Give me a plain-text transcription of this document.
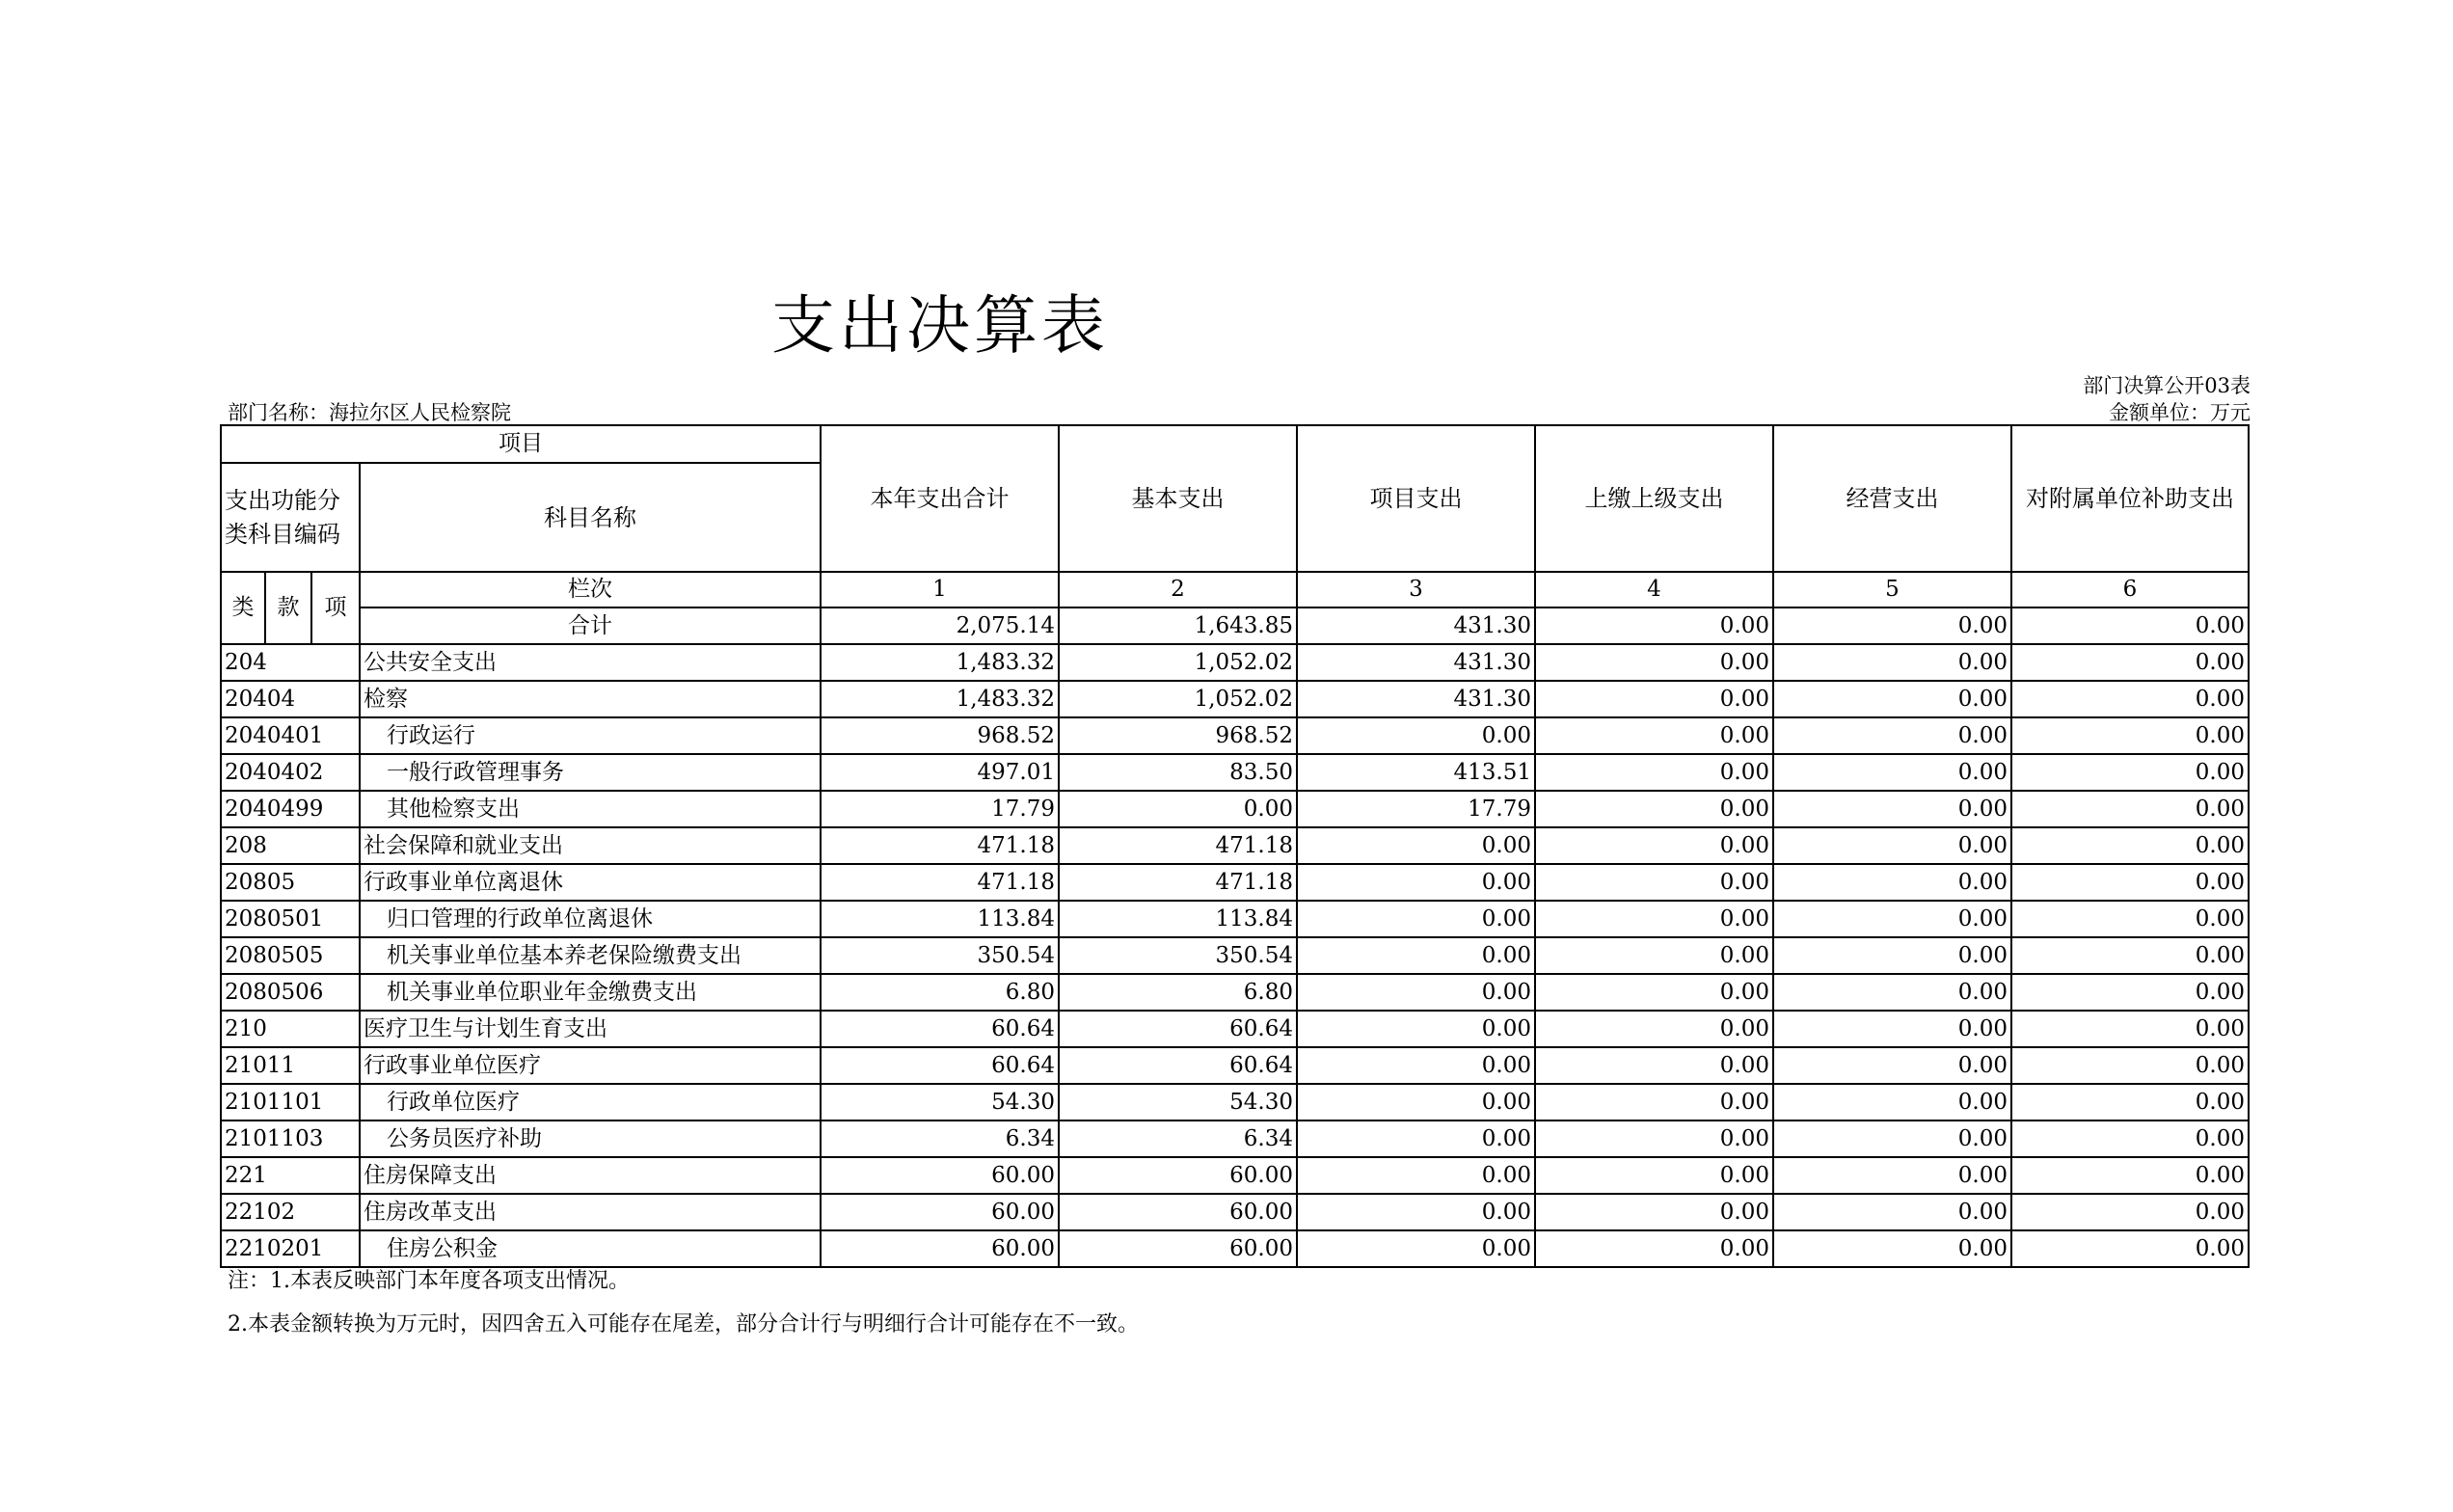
支出决算表
部门决算公开03表
部门名称：海拉尔区人民检察院	金额单位：万元
项目				本年支出合计	基本支出	项目支出	上缴上级支出	经营支出	对附属单位补助支出
支出功能分类科目编码			科目名称						
类	款	项	栏次	1	2	3	4	5	6
			合计	2,075.14	1,643.85	431.30	0.00	0.00	0.00
204			公共安全支出	1,483.32	1,052.02	431.30	0.00	0.00	0.00
20404			检察	1,483.32	1,052.02	431.30	0.00	0.00	0.00
2040401			行政运行	968.52	968.52	0.00	0.00	0.00	0.00
2040402			一般行政管理事务	497.01	83.50	413.51	0.00	0.00	0.00
2040499			其他检察支出	17.79	0.00	17.79	0.00	0.00	0.00
208			社会保障和就业支出	471.18	471.18	0.00	0.00	0.00	0.00
20805			行政事业单位离退休	471.18	471.18	0.00	0.00	0.00	0.00
2080501			归口管理的行政单位离退休	113.84	113.84	0.00	0.00	0.00	0.00
2080505			机关事业单位基本养老保险缴费支出	350.54	350.54	0.00	0.00	0.00	0.00
2080506			机关事业单位职业年金缴费支出	6.80	6.80	0.00	0.00	0.00	0.00
210			医疗卫生与计划生育支出	60.64	60.64	0.00	0.00	0.00	0.00
21011			行政事业单位医疗	60.64	60.64	0.00	0.00	0.00	0.00
2101101			行政单位医疗	54.30	54.30	0.00	0.00	0.00	0.00
2101103			公务员医疗补助	6.34	6.34	0.00	0.00	0.00	0.00
221			住房保障支出	60.00	60.00	0.00	0.00	0.00	0.00
22102			住房改革支出	60.00	60.00	0.00	0.00	0.00	0.00
2210201			住房公积金	60.00	60.00	0.00	0.00	0.00	0.00
注：1.本表反映部门本年度各项支出情况。
2.本表金额转换为万元时，因四舍五入可能存在尾差，部分合计行与明细行合计可能存在不一致。
